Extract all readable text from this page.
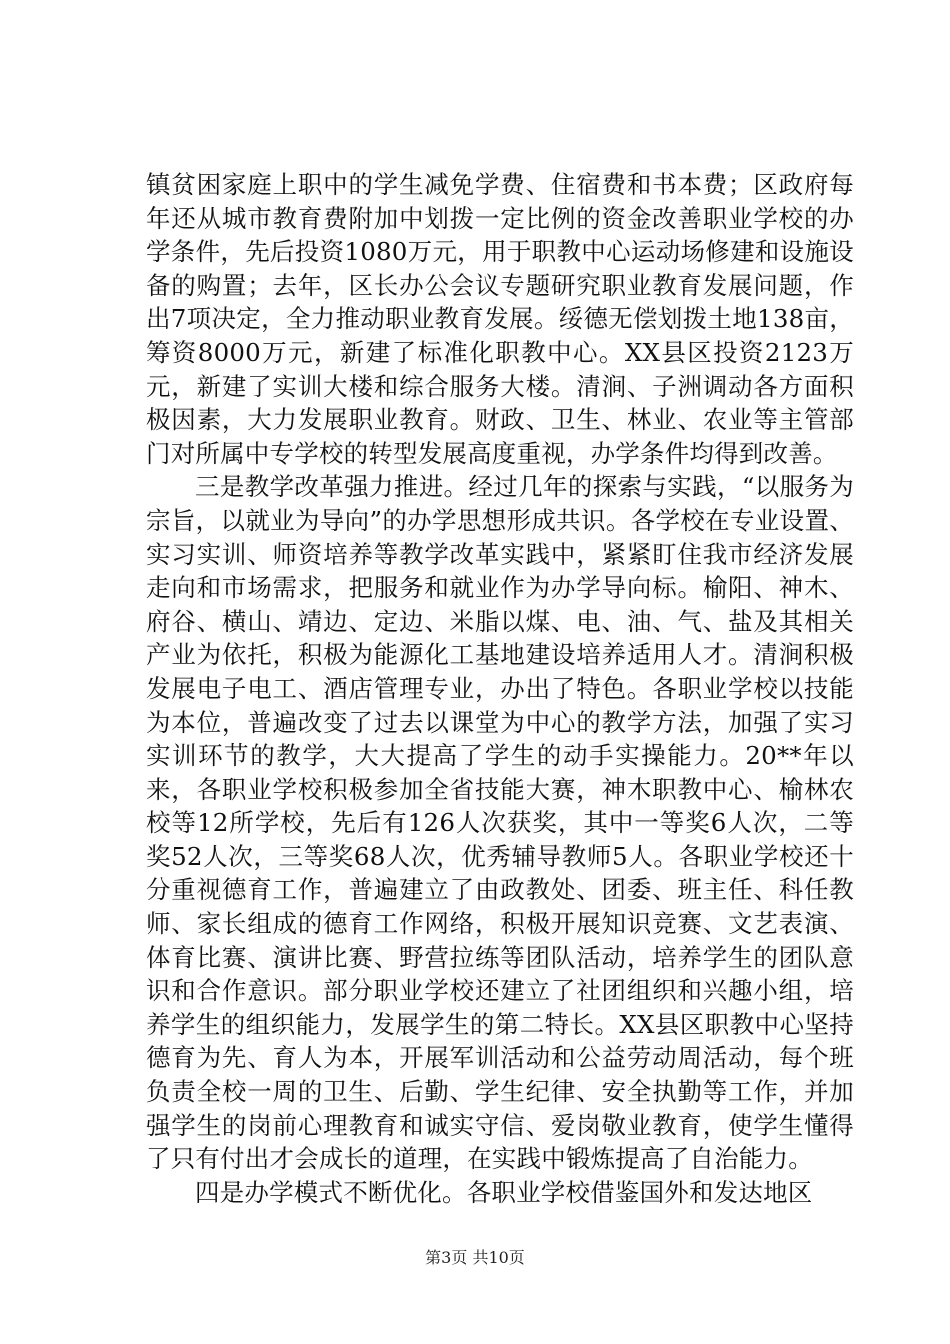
镇贫困家庭上职中的学生减免学费、住宿费和书本费；区政府每年还从城市教育费附加中划拨一定比例的资金改善职业学校的办学条件，先后投资1080万元，用于职教中心运动场修建和设施设备的购置；去年，区长办公会议专题研究职业教育发展问题，作出7项决定，全力推动职业教育发展。绥德无偿划拨土地138亩，筹资8000万元，新建了标准化职教中心。XX县区投资2123万元，新建了实训大楼和综合服务大楼。清涧、子洲调动各方面积极因素，大力发展职业教育。财政、卫生、林业、农业等主管部门对所属中专学校的转型发展高度重视，办学条件均得到改善。

三是教学改革强力推进。经过几年的探索与实践，“以服务为宗旨，以就业为导向”的办学思想形成共识。各学校在专业设置、实习实训、师资培养等教学改革实践中，紧紧盯住我市经济发展走向和市场需求，把服务和就业作为办学导向标。榆阳、神木、府谷、横山、靖边、定边、米脂以煤、电、油、气、盐及其相关产业为依托，积极为能源化工基地建设培养适用人才。清涧积极发展电子电工、酒店管理专业，办出了特色。各职业学校以技能为本位，普遍改变了过去以课堂为中心的教学方法，加强了实习实训环节的教学，大大提高了学生的动手实操能力。20**年以来，各职业学校积极参加全省技能大赛，神木职教中心、榆林农校等12所学校，先后有126人次获奖，其中一等奖6人次，二等奖52人次，三等奖68人次，优秀辅导教师5人。各职业学校还十分重视德育工作，普遍建立了由政教处、团委、班主任、科任教师、家长组成的德育工作网络，积极开展知识竞赛、文艺表演、体育比赛、演讲比赛、野营拉练等团队活动，培养学生的团队意识和合作意识。部分职业学校还建立了社团组织和兴趣小组，培养学生的组织能力，发展学生的第二特长。XX县区职教中心坚持德育为先、育人为本，开展军训活动和公益劳动周活动，每个班负责全校一周的卫生、后勤、学生纪律、安全执勤等工作，并加强学生的岗前心理教育和诚实守信、爱岗敬业教育，使学生懂得了只有付出才会成长的道理，在实践中锻炼提高了自治能力。

四是办学模式不断优化。各职业学校借鉴国外和发达地区

第3页 共10页
